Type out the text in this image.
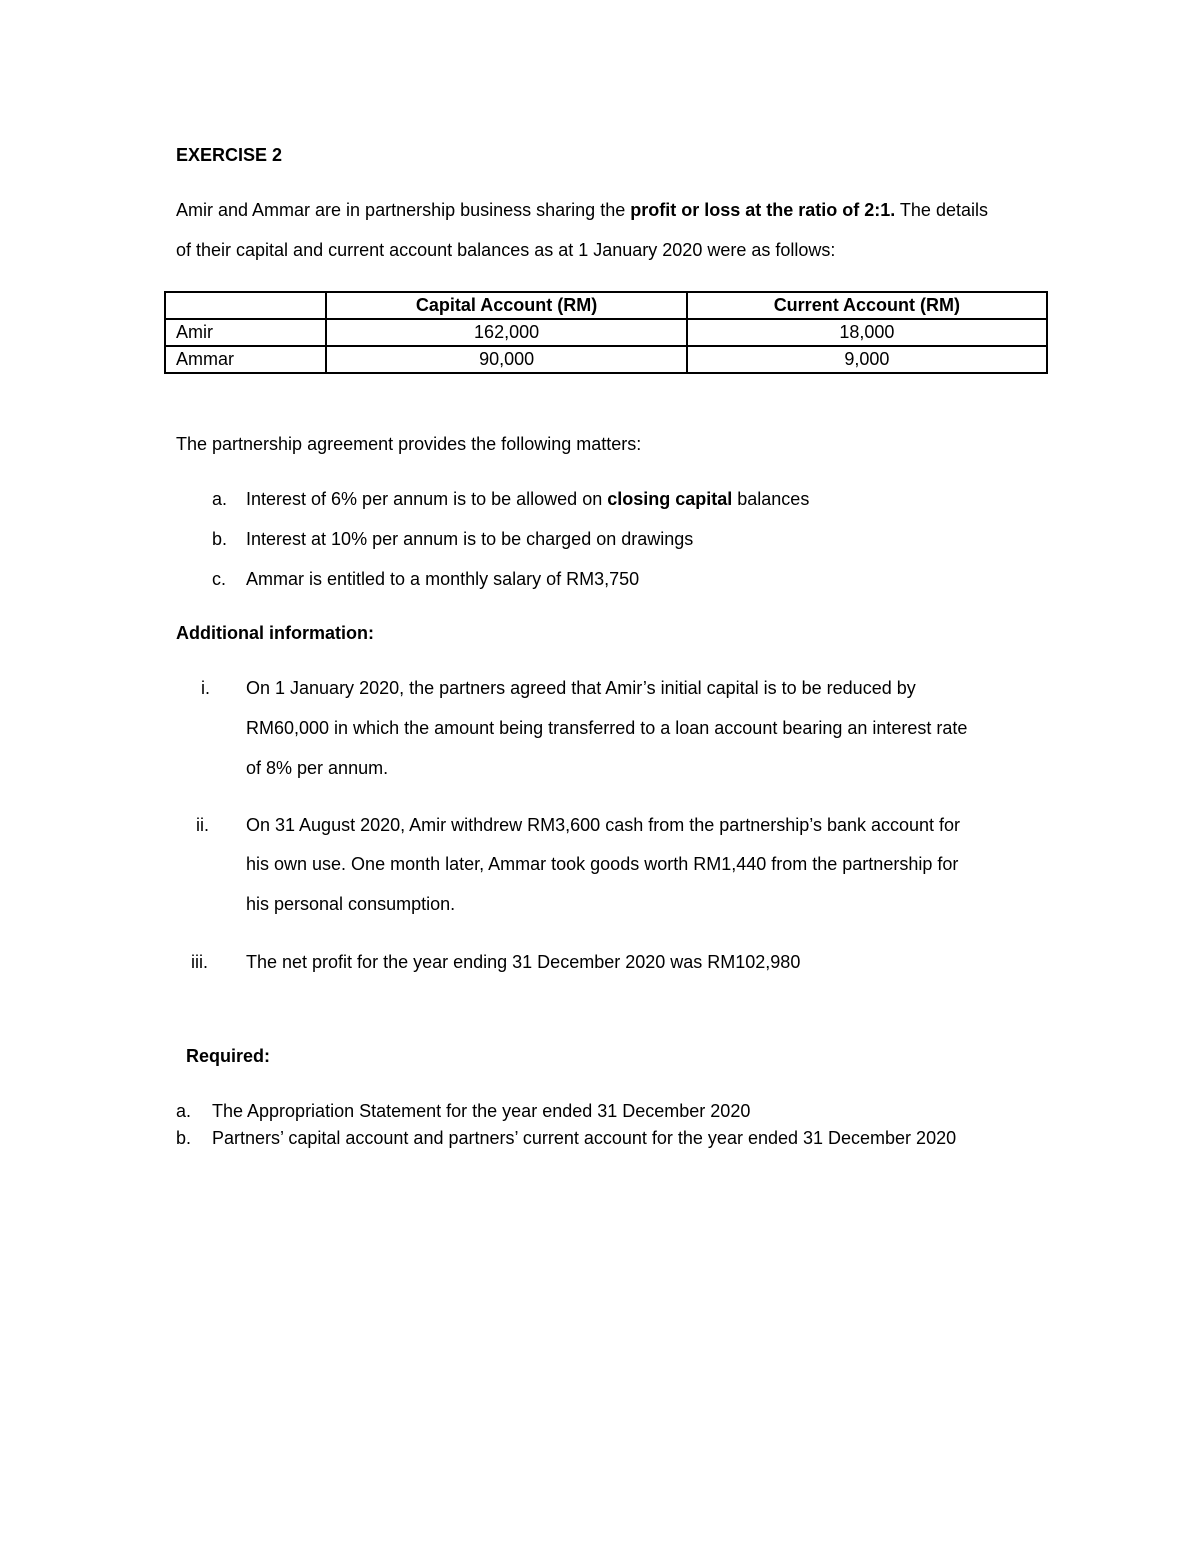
EXERCISE 2
Amir and Ammar are in partnership business sharing the profit or loss at the ratio of 2:1. The details
of their capital and current account balances as at 1 January 2020 were as follows:
	Capital Account (RM)	Current Account (RM)
Amir	162,000	18,000
Ammar	90,000	9,000
The partnership agreement provides the following matters:
a. Interest of 6% per annum is to be allowed on closing capital balances
b. Interest at 10% per annum is to be charged on drawings
c. Ammar is entitled to a monthly salary of RM3,750
Additional information:
i. On 1 January 2020, the partners agreed that Amir’s initial capital is to be reduced by
RM60,000 in which the amount being transferred to a loan account bearing an interest rate
of 8% per annum.
ii. On 31 August 2020, Amir withdrew RM3,600 cash from the partnership’s bank account for
his own use. One month later, Ammar took goods worth RM1,440 from the partnership for
his personal consumption.
iii. The net profit for the year ending 31 December 2020 was RM102,980
Required:
a. The Appropriation Statement for the year ended 31 December 2020
b. Partners’ capital account and partners’ current account for the year ended 31 December 2020
